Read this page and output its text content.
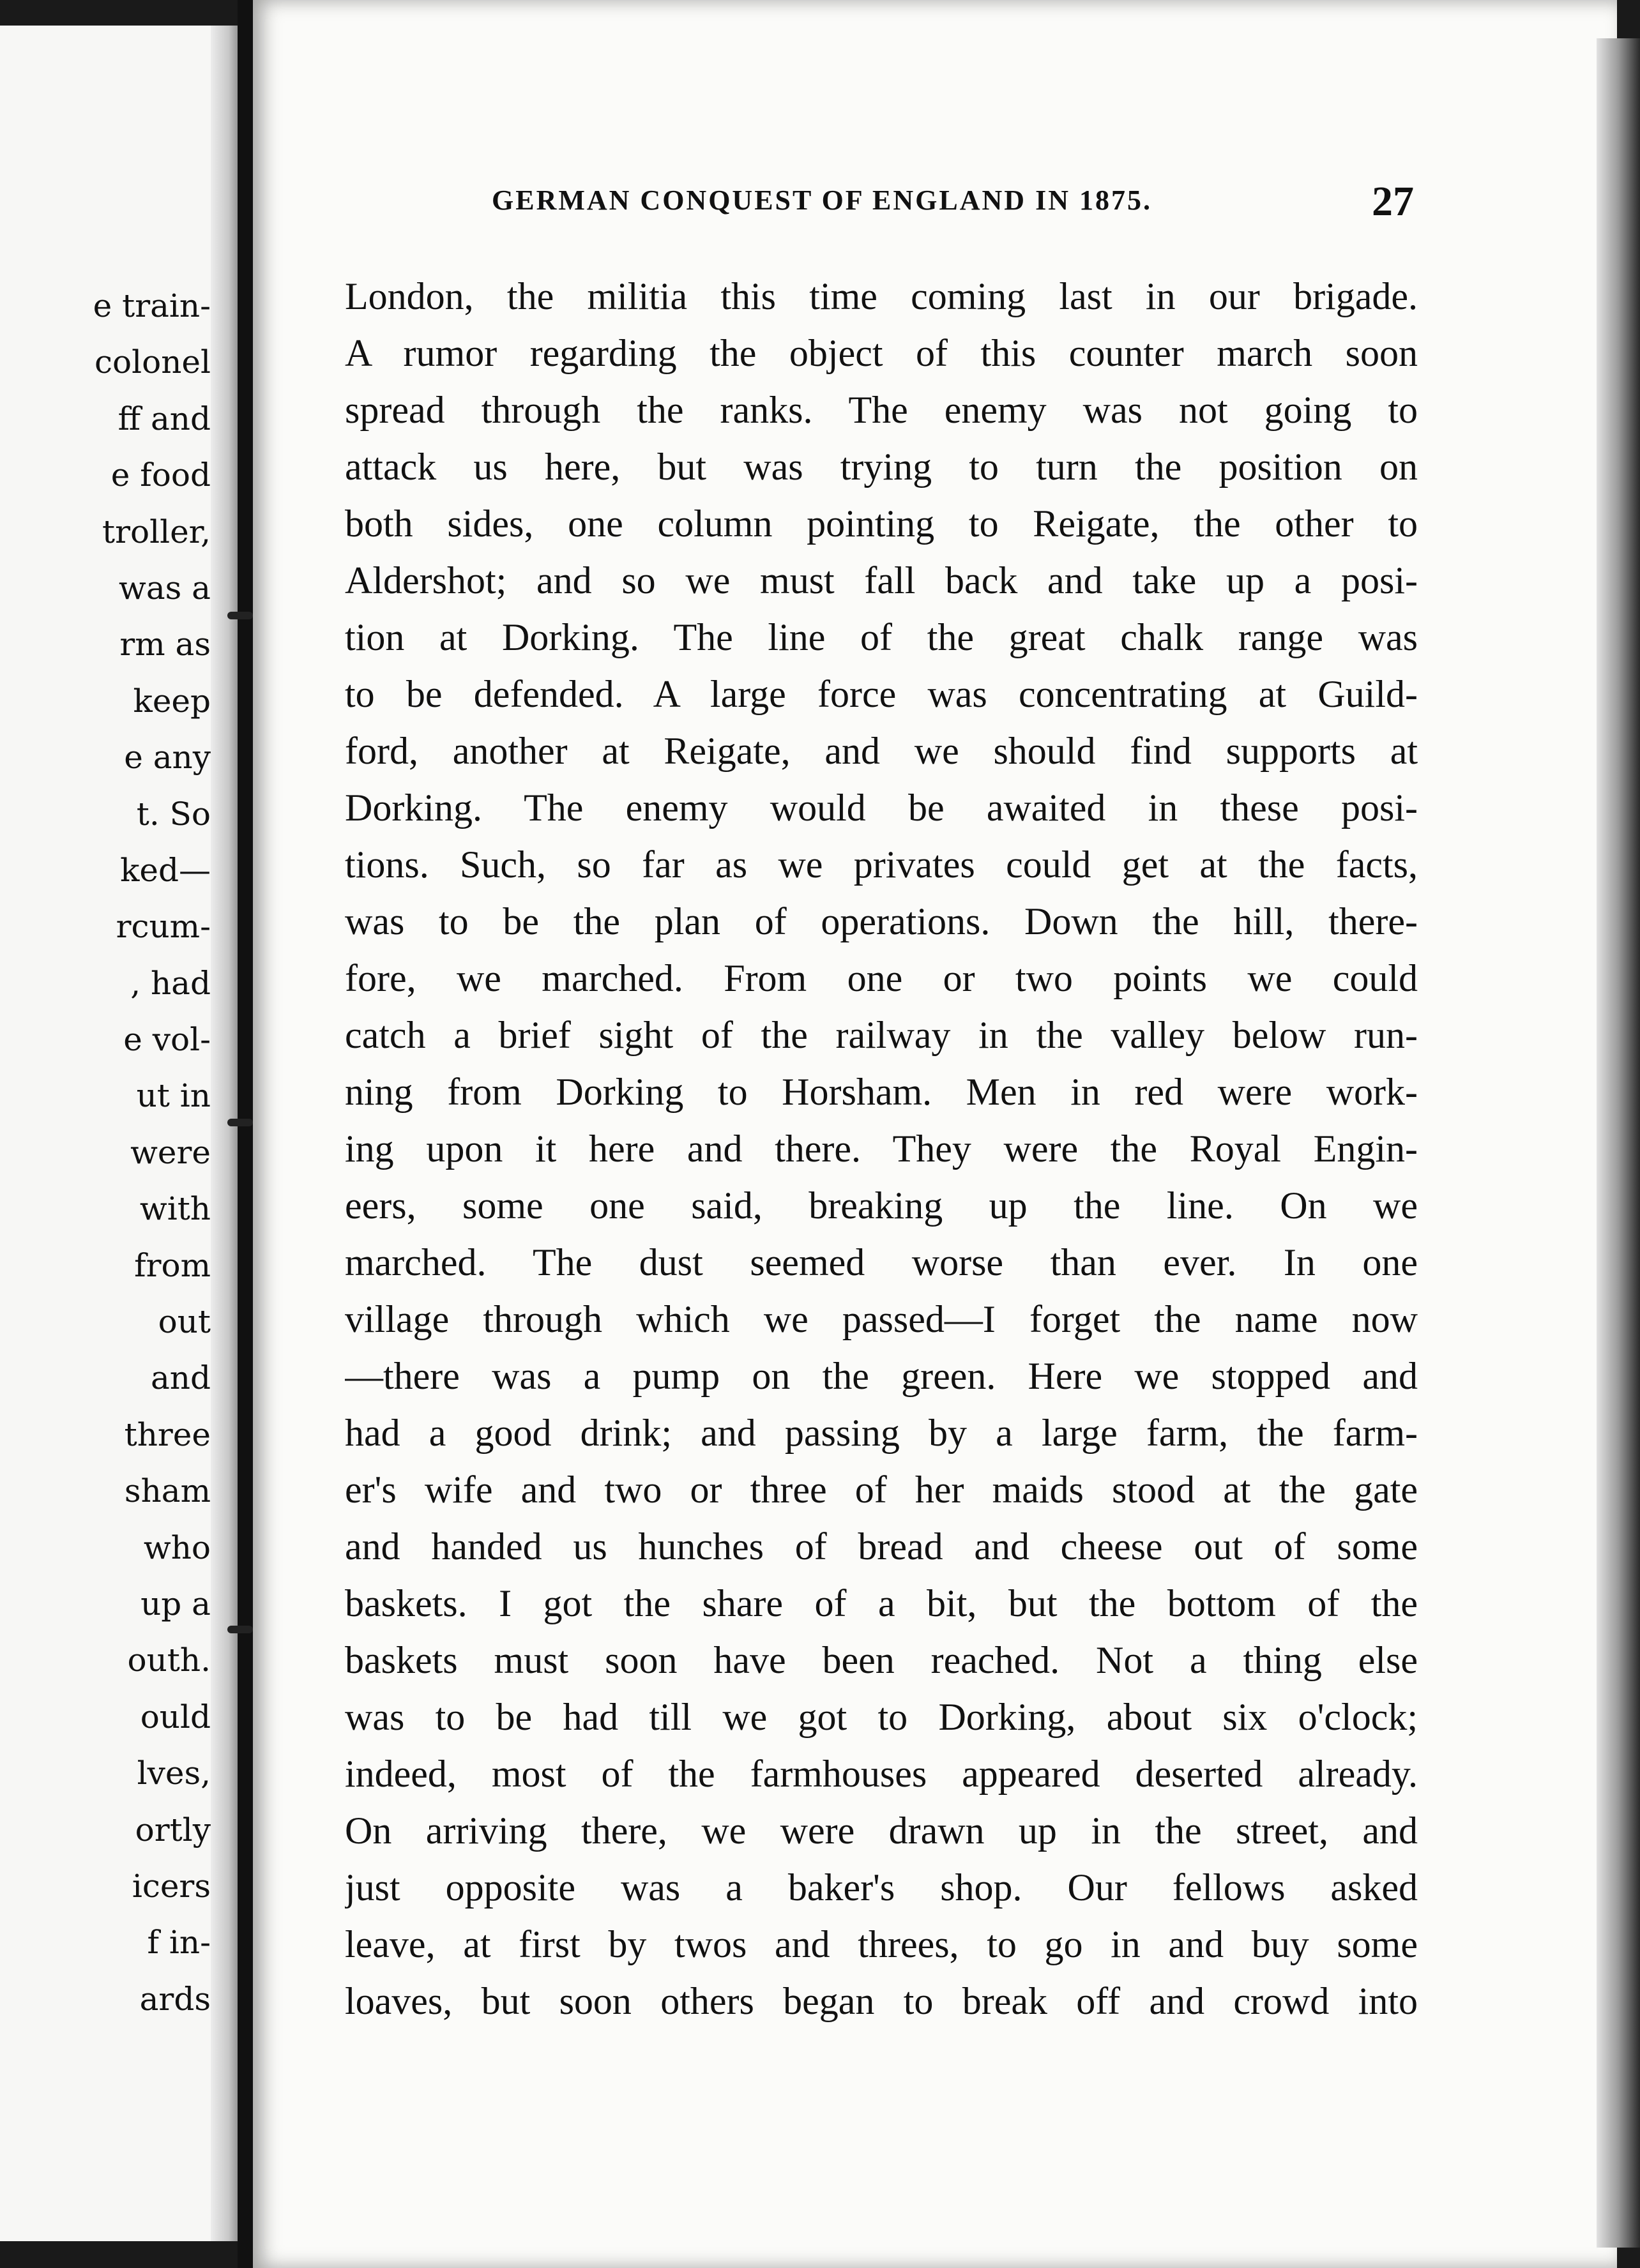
e train-
colonel
ff and
e food
troller,
was a
rm as
keep
e any
t. So
ked—
rcum-
, had
e vol-
ut in
were
with
from
out
and
three
sham
who
up a
outh.
ould
lves,
ortly
icers
f in-
ards
GERMAN CONQUEST OF ENGLAND IN 1875.	27
London, the militia this time coming last in our brigade.
A rumor regarding the object of this counter march soon
spread through the ranks. The enemy was not going to
attack us here, but was trying to turn the position on
both sides, one column pointing to Reigate, the other to
Aldershot; and so we must fall back and take up a posi-
tion at Dorking. The line of the great chalk range was
to be defended. A large force was concentrating at Guild-
ford, another at Reigate, and we should find supports at
Dorking. The enemy would be awaited in these posi-
tions. Such, so far as we privates could get at the facts,
was to be the plan of operations. Down the hill, there-
fore, we marched. From one or two points we could
catch a brief sight of the railway in the valley below run-
ning from Dorking to Horsham. Men in red were work-
ing upon it here and there. They were the Royal Engin-
eers, some one said, breaking up the line. On we
marched. The dust seemed worse than ever. In one
village through which we passed—I forget the name now
—there was a pump on the green. Here we stopped and
had a good drink; and passing by a large farm, the farm-
er's wife and two or three of her maids stood at the gate
and handed us hunches of bread and cheese out of some
baskets. I got the share of a bit, but the bottom of the
baskets must soon have been reached. Not a thing else
was to be had till we got to Dorking, about six o'clock;
indeed, most of the farmhouses appeared deserted already.
On arriving there, we were drawn up in the street, and
just opposite was a baker's shop. Our fellows asked
leave, at first by twos and threes, to go in and buy some
loaves, but soon others began to break off and crowd into
